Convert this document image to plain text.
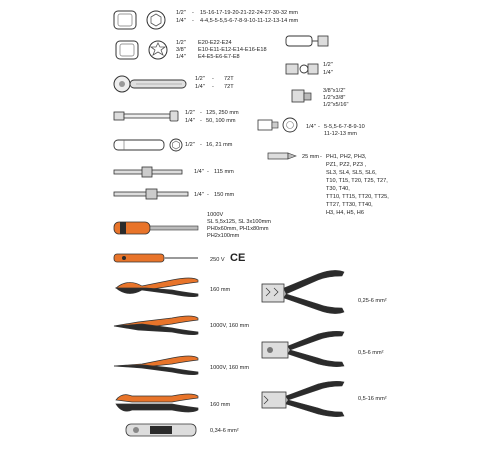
1/2" - 15-16-17-19-20-21-22-24-27-30-32 mm
1/4" - 4-4,5-5-5,5-6-7-8-9-10-11-12-13-14 mm
1/2" E20-E22-E24
3/8" E10-E11-E12-E14-E16-E18
1/4" E4-E5-E6-E7-E8
1/2" - 72T
1/4" - 72T
1/2" - 125, 250 mm
1/4" - 50, 100 mm
1/2" - 16, 21 mm
1/4" - 115 mm
1/4" - 150 mm
1000V
SL 5,5x125, SL 3x100mm
PH0x60mm, PH1x80mm
PH2x100mm
250 V CE
160 mm
1000V, 160 mm
1000V, 160 mm
160 mm
0,34-6 mm²
1/2"
1/4"
3/8"x1/2"
1/2"x3/8"
1/2"x5/16"
1/4" - 5-5,5-6-7-8-9-10
11-12-13 mm
25 mm - PH1, PH2, PH3,
PZ1, PZ2, PZ3 ,
SL3, SL4, SL5, SL6,
T10, T15, T20, T25, T27,
T30, T40,
TT10, TT15, TT20, TT25,
TT27, TT30, TT40,
H3, H4, H5, H6
0,25-6 mm²
0,5-6 mm²
0,5-16 mm²
